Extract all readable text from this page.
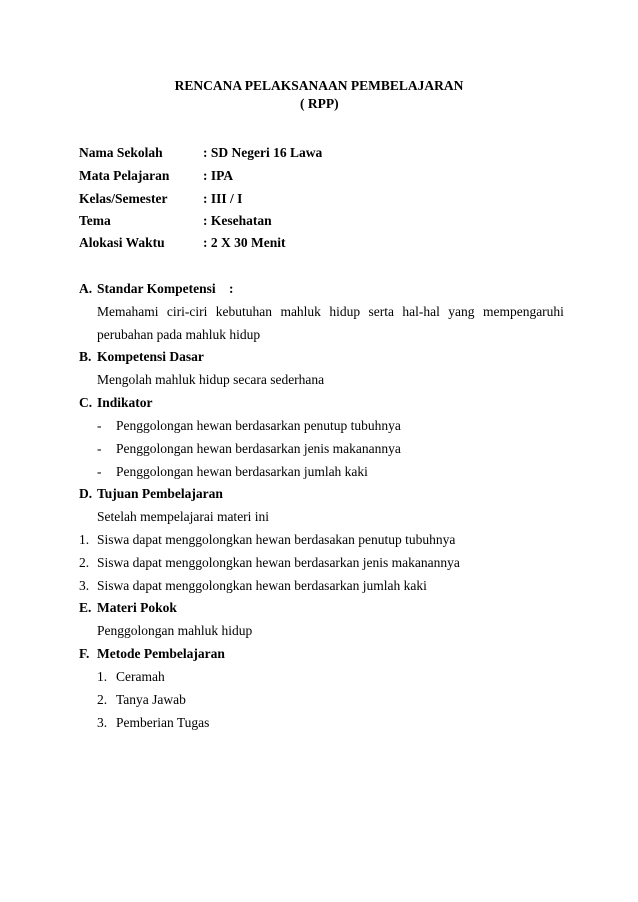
RENCANA PELAKSANAAN PEMBELAJARAN
( RPP)
Nama Sekolah	: SD Negeri 16 Lawa
Mata Pelajaran : IPA
Kelas/Semester	: III / I
Tema	: Kesehatan
Alokasi Waktu	: 2 X 30 Menit
A. Standar Kompetensi :
Memahami ciri-ciri kebutuhan mahluk hidup serta hal-hal yang mempengaruhi
perubahan pada mahluk hidup
B. Kompetensi Dasar
Mengolah mahluk hidup secara sederhana
C. Indikator
- Penggolongan hewan berdasarkan penutup tubuhnya
- Penggolongan hewan berdasarkan jenis makanannya
- Penggolongan hewan berdasarkan jumlah kaki
D. Tujuan Pembelajaran
Setelah mempelajarai materi ini
1. Siswa dapat menggolongkan hewan berdasakan penutup tubuhnya
2. Siswa dapat menggolongkan hewan berdasarkan jenis makanannya
3. Siswa dapat menggolongkan hewan berdasarkan jumlah kaki
E. Materi Pokok
Penggolongan mahluk hidup
F. Metode Pembelajaran
1. Ceramah
2. Tanya Jawab
3. Pemberian Tugas
